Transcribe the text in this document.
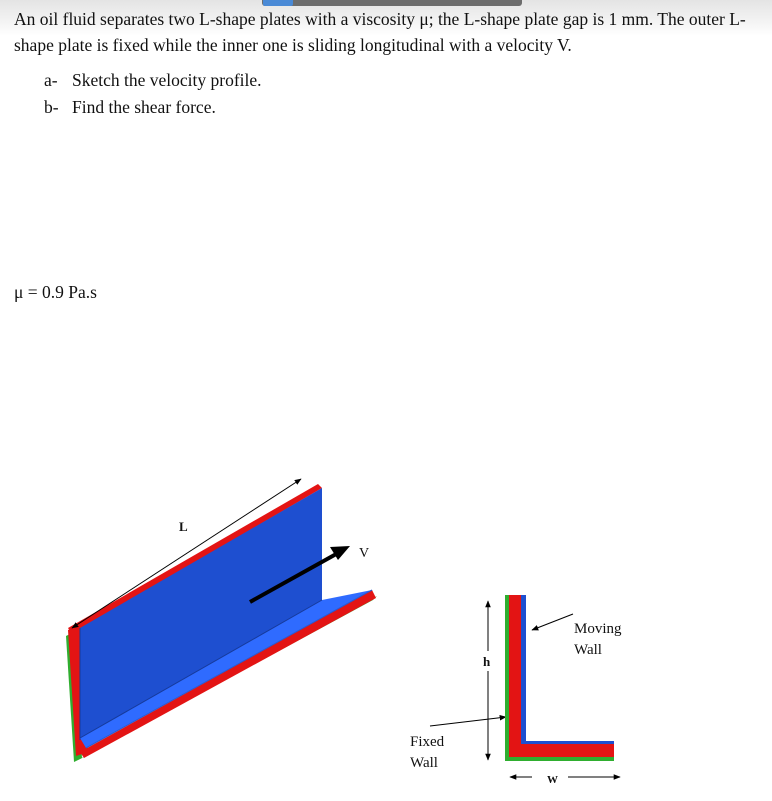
An oil fluid separates two L-shape plates with a viscosity μ; the L-shape plate gap is 1 mm. The outer L-shape plate is fixed while the inner one is sliding longitudinal with a velocity V.

a- Sketch the velocity profile.
b- Find the shear force.

μ = 0.9 Pa.s

L
V
Fixed
Wall
h
W
Moving
Wall
